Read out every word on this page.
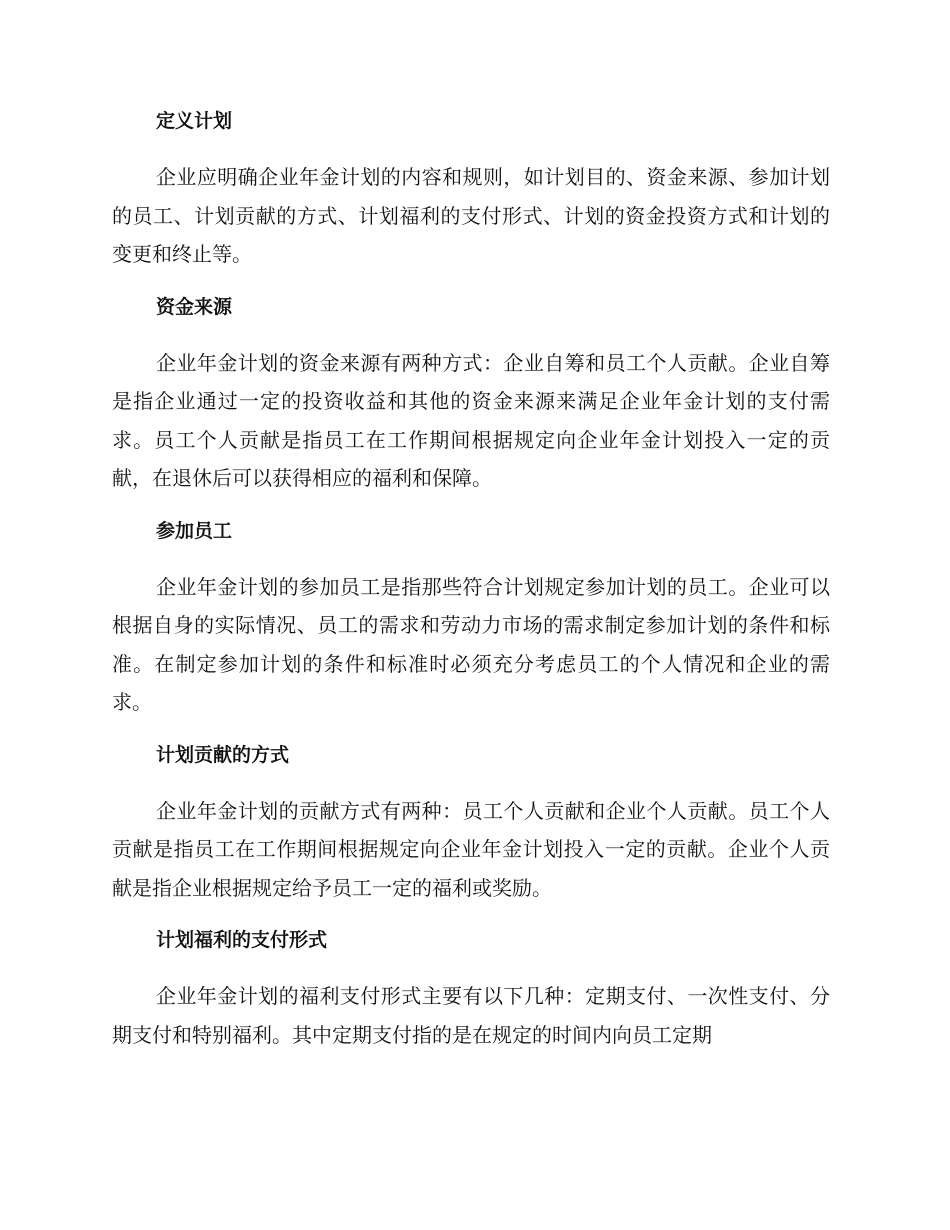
定义计划

企业应明确企业年金计划的内容和规则，如计划目的、资金来源、参加计划的员工、计划贡献的方式、计划福利的支付形式、计划的资金投资方式和计划的变更和终止等。

资金来源

企业年金计划的资金来源有两种方式：企业自筹和员工个人贡献。企业自筹是指企业通过一定的投资收益和其他的资金来源来满足企业年金计划的支付需求。员工个人贡献是指员工在工作期间根据规定向企业年金计划投入一定的贡献，在退休后可以获得相应的福利和保障。

参加员工

企业年金计划的参加员工是指那些符合计划规定参加计划的员工。企业可以根据自身的实际情况、员工的需求和劳动力市场的需求制定参加计划的条件和标准。在制定参加计划的条件和标准时必须充分考虑员工的个人情况和企业的需求。

计划贡献的方式

企业年金计划的贡献方式有两种：员工个人贡献和企业个人贡献。员工个人贡献是指员工在工作期间根据规定向企业年金计划投入一定的贡献。企业个人贡献是指企业根据规定给予员工一定的福利或奖励。

计划福利的支付形式

企业年金计划的福利支付形式主要有以下几种：定期支付、一次性支付、分期支付和特别福利。其中定期支付指的是在规定的时间内向员工定期
